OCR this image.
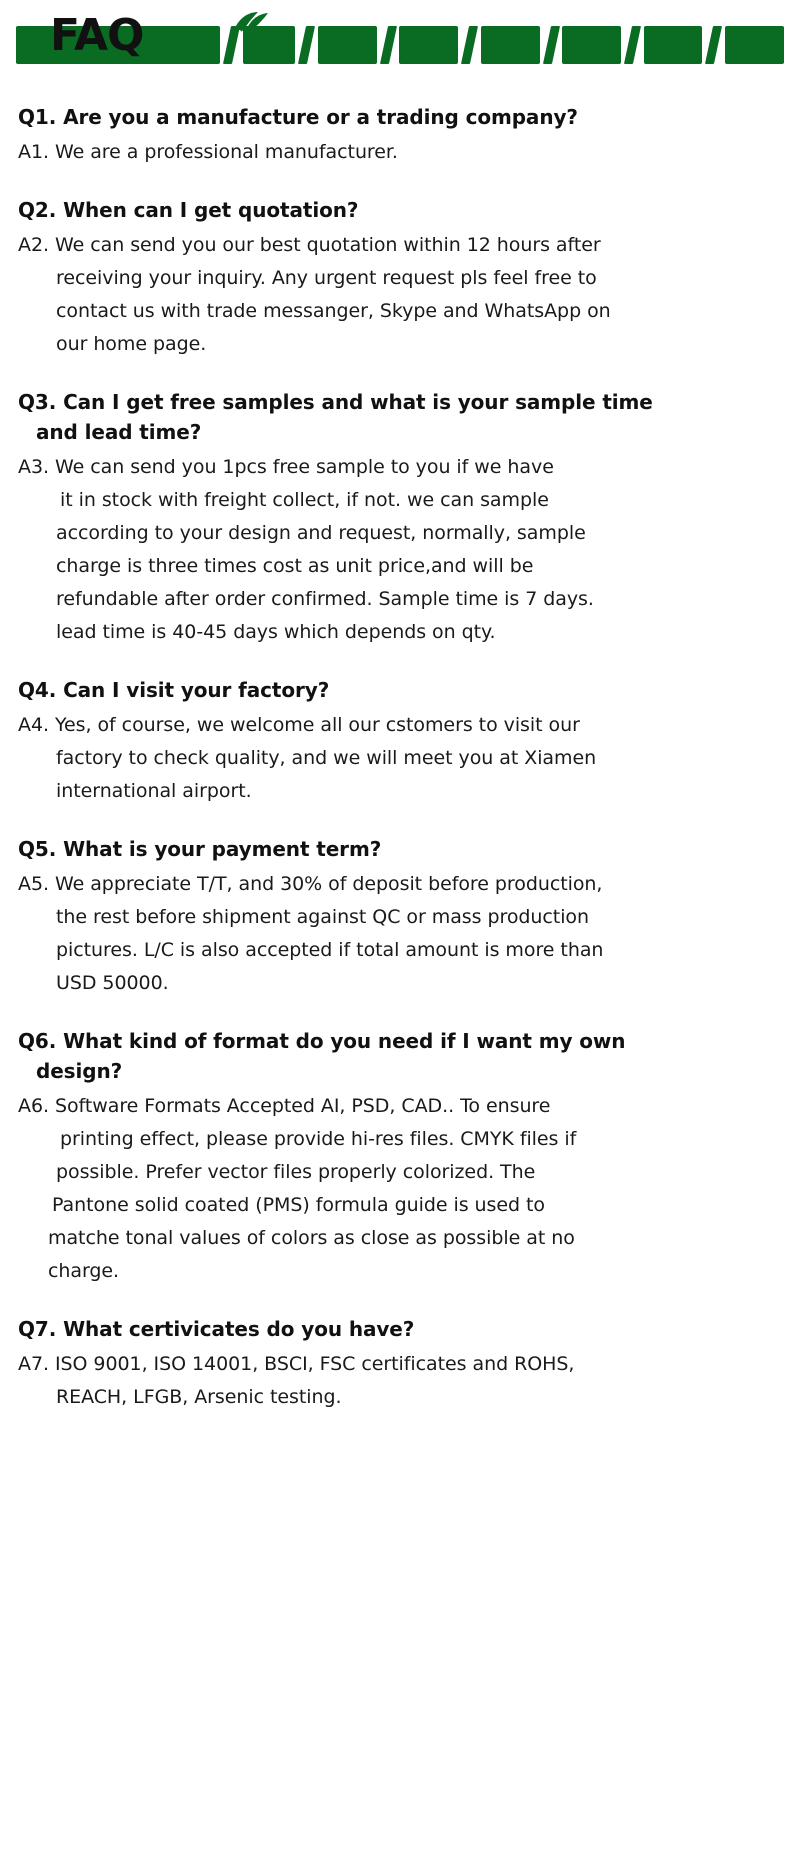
FAQ
Q1. Are you a manufacture or a trading company?
A1. We are a professional manufacturer.
Q2. When can I get quotation?
A2. We can send you our best quotation within 12 hours after
receiving your inquiry. Any urgent request pls feel free to
contact us with trade messanger, Skype and WhatsApp on
our home page.
Q3. Can I get free samples and what is your sample time
and lead time?
A3. We can send you 1pcs free sample to you if we have
it in stock with freight collect, if not. we can sample
according to your design and request, normally, sample
charge is three times cost as unit price,and will be
refundable after order confirmed. Sample time is 7 days.
lead time is 40-45 days which depends on qty.
Q4. Can I visit your factory?
A4. Yes, of course, we welcome all our cstomers to visit our
factory to check quality, and we will meet you at Xiamen
international airport.
Q5. What is your payment term?
A5. We appreciate T/T, and 30% of deposit before production,
the rest before shipment against QC or mass production
pictures. L/C is also accepted if total amount is more than
USD 50000.
Q6. What kind of format do you need if I want my own
design?
A6. Software Formats Accepted AI, PSD, CAD.. To ensure
printing effect, please provide hi-res files. CMYK files if
possible. Prefer vector files properly colorized. The
Pantone solid coated (PMS) formula guide is used to
matche tonal values of colors as close as possible at no
charge.
Q7. What certivicates do you have?
A7. ISO 9001, ISO 14001, BSCI, FSC certificates and ROHS,
REACH, LFGB, Arsenic testing.
